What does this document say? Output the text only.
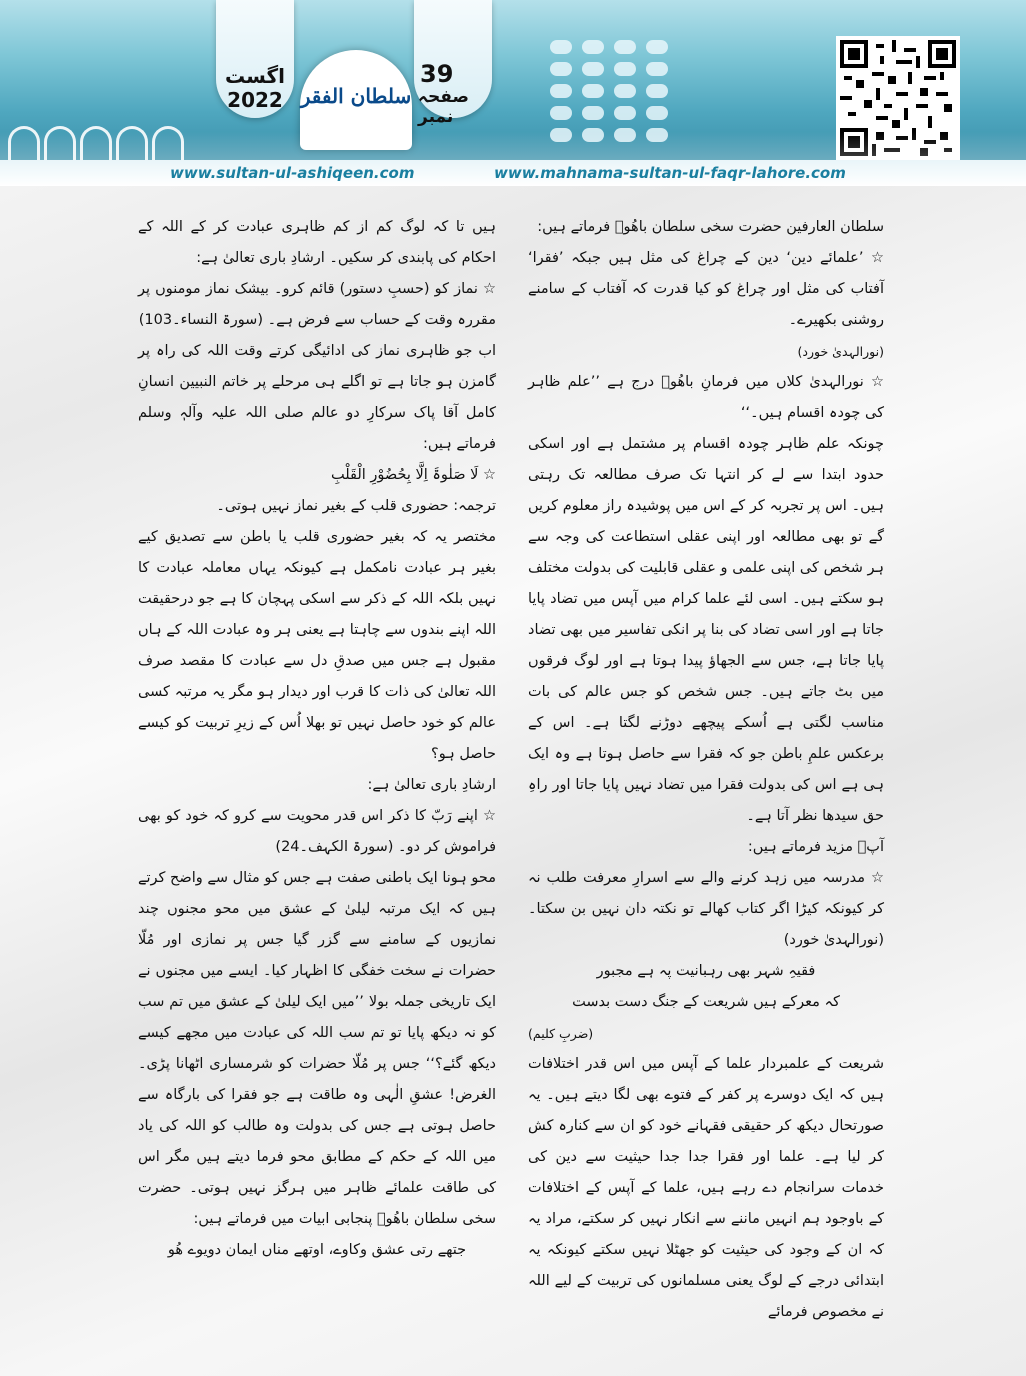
اگست
2022 سلطان الفقر
39
صفحہ نمبر
www.sultan-ul-ashiqeen.com	www.mahnama-sultan-ul-faqr-lahore.com

سلطان العارفین حضرت سخی سلطان باھُوؒ فرماتے ہیں:

☆ ’علمائے دین‘ دین کے چراغ کی مثل ہیں جبکہ ’فقرا‘ آفتاب کی مثل اور چراغ کو کیا قدرت کہ آفتاب کے سامنے روشنی بکھیرے۔

(نورالہدیٰ خورد)

☆ نورالہدیٰ کلاں میں فرمانِ باھُوؒ درج ہے ’’علم ظاہر کی چودہ اقسام ہیں۔‘‘

چونکہ علم ظاہر چودہ اقسام پر مشتمل ہے اور اسکی حدود ابتدا سے لے کر انتہا تک صرف مطالعہ تک رہتی ہیں۔ اس پر تجربہ کر کے اس میں پوشیدہ راز معلوم کریں گے تو بھی مطالعہ اور اپنی عقلی استطاعت کی وجہ سے ہر شخص کی اپنی علمی و عقلی قابلیت کی بدولت مختلف ہو سکتے ہیں۔ اسی لئے علما کرام میں آپس میں تضاد پایا جاتا ہے اور اسی تضاد کی بنا پر انکی تفاسیر میں بھی تضاد پایا جاتا ہے، جس سے الجھاؤ پیدا ہوتا ہے اور لوگ فرقوں میں بٹ جاتے ہیں۔ جس شخص کو جس عالم کی بات مناسب لگتی ہے اُسکے پیچھے دوڑنے لگتا ہے۔ اس کے برعکس علمِ باطن جو کہ فقرا سے حاصل ہوتا ہے وہ ایک ہی ہے اس کی بدولت فقرا میں تضاد نہیں پایا جاتا اور راہِ حق سیدھا نظر آتا ہے۔

آپؒ مزید فرماتے ہیں:

☆ مدرسہ میں زہد کرنے والے سے اسرارِ معرفت طلب نہ کر کیونکہ کیڑا اگر کتاب کھالے تو نکتہ دان نہیں بن سکتا۔ (نورالہدیٰ خورد)

فقیہِ شہر بھی رہبانیت پہ ہے مجبور

کہ معرکے ہیں شریعت کے جنگ دست بدست

(ضربِ کلیم)

شریعت کے علمبردار علما کے آپس میں اس قدر اختلافات ہیں کہ ایک دوسرے پر کفر کے فتوے بھی لگا دیتے ہیں۔ یہ صورتحال دیکھ کر حقیقی فقہانے خود کو ان سے کنارہ کش کر لیا ہے۔ علما اور فقرا جدا جدا حیثیت سے دین کی خدمات سرانجام دے رہے ہیں، علما کے آپس کے اختلافات کے باوجود ہم انہیں ماننے سے انکار نہیں کر سکتے، مراد یہ کہ ان کے وجود کی حیثیت کو جھٹلا نہیں سکتے کیونکہ یہ ابتدائی درجے کے لوگ یعنی مسلمانوں کی تربیت کے لیے اللہ نے مخصوص فرمائے

ہیں تا کہ لوگ کم از کم ظاہری عبادت کر کے اللہ کے احکام کی پابندی کر سکیں۔ ارشادِ باری تعالیٰ ہے:

☆ نماز کو (حسبِ دستور) قائم کرو۔ بیشک نماز مومنوں پر مقررہ وقت کے حساب سے فرض ہے۔ (سورۃ النساء۔103)

اب جو ظاہری نماز کی ادائیگی کرتے وقت اللہ کی راہ پر گامزن ہو جاتا ہے تو اگلے ہی مرحلے پر خاتم النبیین انسانِ کامل آقا پاک سرکارِ دو عالم صلی اللہ علیہ وآلہٖ وسلم فرماتے ہیں:

☆ لَا صَلٰوۃَ اِلَّا بِحُضُوْرِ الْقَلْبِ

ترجمہ: حضوری قلب کے بغیر نماز نہیں ہوتی۔

مختصر یہ کہ بغیر حضوری قلب یا باطن سے تصدیق کیے بغیر ہر عبادت نامکمل ہے کیونکہ یہاں معاملہ عبادت کا نہیں بلکہ اللہ کے ذکر سے اسکی پہچان کا ہے جو درحقیقت اللہ اپنے بندوں سے چاہتا ہے یعنی ہر وہ عبادت اللہ کے ہاں مقبول ہے جس میں صدقِ دل سے عبادت کا مقصد صرف اللہ تعالیٰ کی ذات کا قرب اور دیدار ہو مگر یہ مرتبہ کسی عالم کو خود حاصل نہیں تو بھلا اُس کے زیرِ تربیت کو کیسے حاصل ہو؟

ارشادِ باری تعالیٰ ہے:

☆ اپنے رَبّ کا ذکر اس قدر محویت سے کرو کہ خود کو بھی فراموش کر دو۔ (سورۃ الکہف۔24)

محو ہونا ایک باطنی صفت ہے جس کو مثال سے واضح کرتے ہیں کہ ایک مرتبہ لیلیٰ کے عشق میں محو مجنوں چند نمازیوں کے سامنے سے گزر گیا جس پر نمازی اور مُلّا حضرات نے سخت خفگی کا اظہار کیا۔ ایسے میں مجنوں نے ایک تاریخی جملہ بولا ’’میں ایک لیلیٰ کے عشق میں تم سب کو نہ دیکھ پایا تو تم سب اللہ کی عبادت میں مجھے کیسے دیکھ گئے؟‘‘ جس پر مُلّا حضرات کو شرمساری اٹھانا پڑی۔ الغرض! عشقِ الٰہی وہ طاقت ہے جو فقرا کی بارگاہ سے حاصل ہوتی ہے جس کی بدولت وہ طالب کو اللہ کی یاد میں اللہ کے حکم کے مطابق محو فرما دیتے ہیں مگر اس کی طاقت علمائے ظاہر میں ہرگز نہیں ہوتی۔ حضرت سخی سلطان باھُوؒ پنجابی ابیات میں فرماتے ہیں:

جتھے رتی عشق وکاوے، اوتھے مناں ایمان دویوے ھُو
